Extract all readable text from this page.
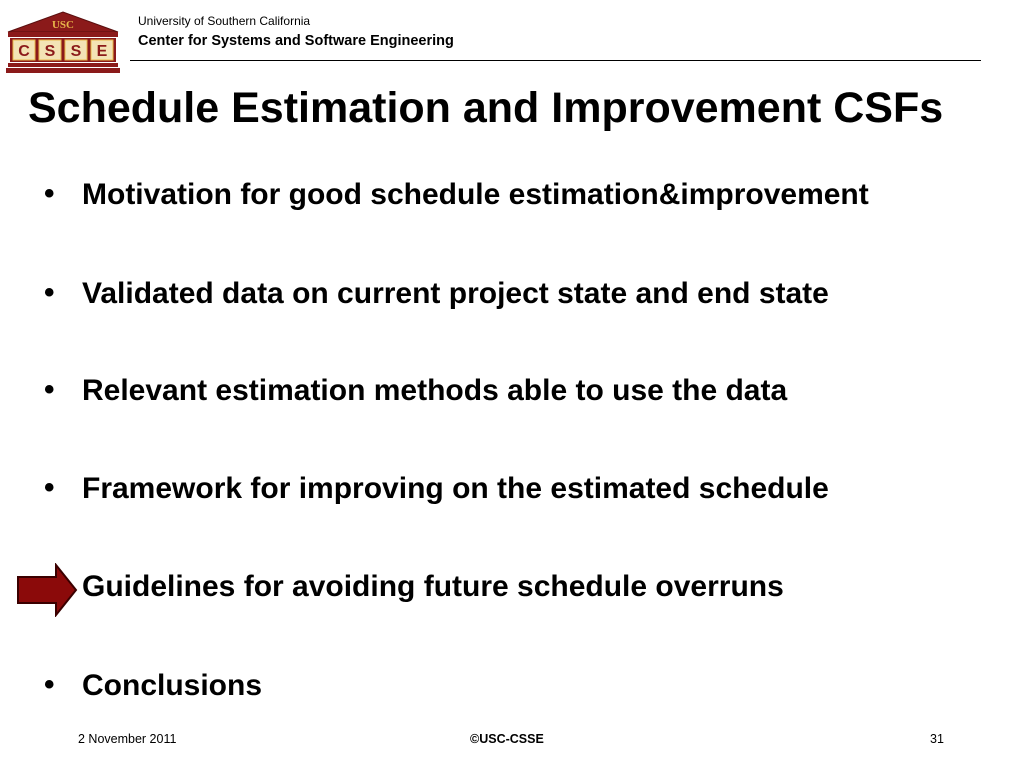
USC
C S S E
University of Southern California
Center for Systems and Software Engineering
Schedule Estimation and Improvement CSFs
• Motivation for good schedule estimation&improvement
• Validated data on current project state and end state
• Relevant estimation methods able to use the data
• Framework for improving on the estimated schedule
Guidelines for avoiding future schedule overruns
• Conclusions
2 November 2011	©USC-CSSE	31
